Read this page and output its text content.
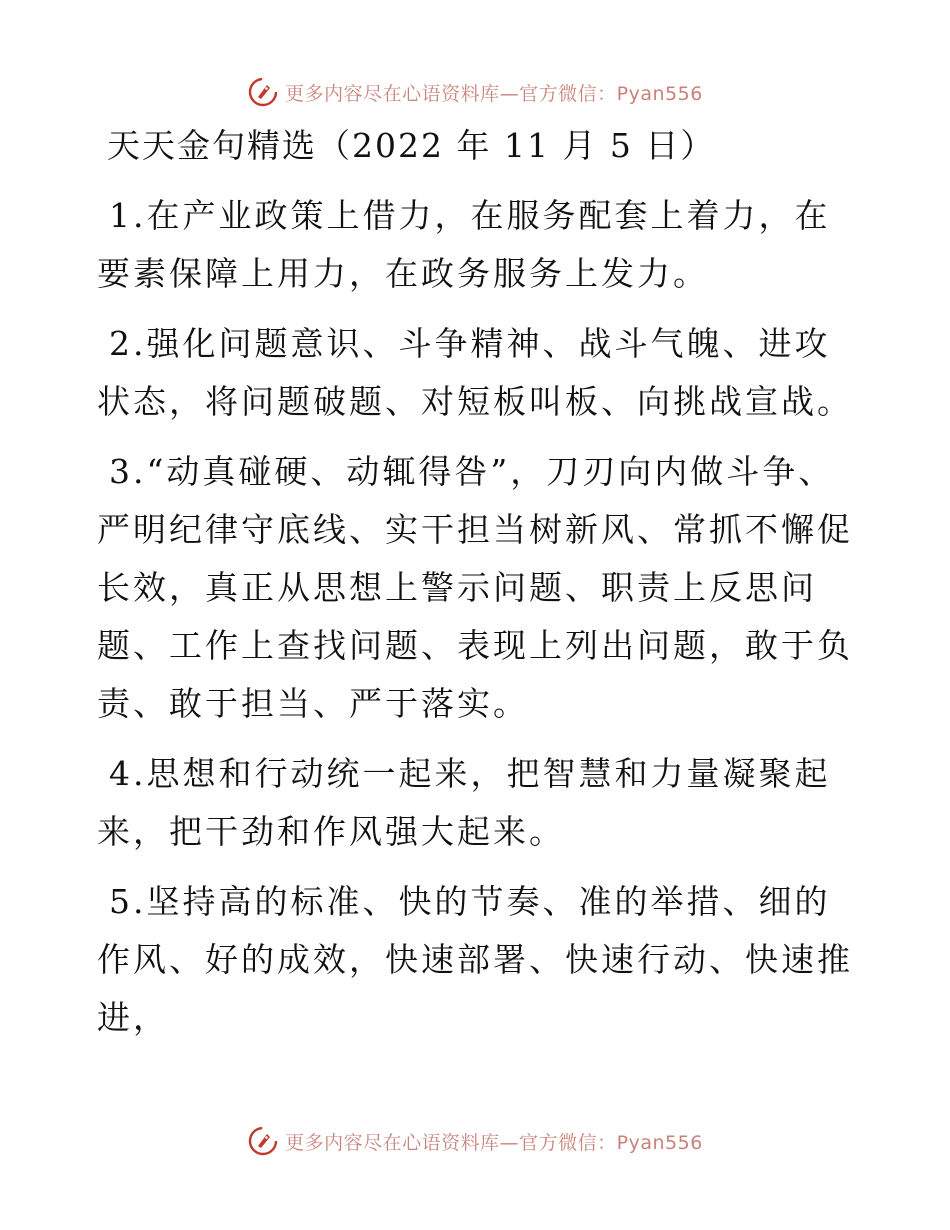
更多内容尽在心语资料库—官方微信：Pyan556
天天金句精选（2022 年 11 月 5 日）

1.在产业政策上借力，在服务配套上着力，在要素保障上用力，在政务服务上发力。

2.强化问题意识、斗争精神、战斗气魄、进攻状态，将问题破题、对短板叫板、向挑战宣战。

3.“动真碰硬、动辄得咎”，刀刃向内做斗争、严明纪律守底线、实干担当树新风、常抓不懈促长效，真正从思想上警示问题、职责上反思问题、工作上查找问题、表现上列出问题，敢于负责、敢于担当、严于落实。

4.思想和行动统一起来，把智慧和力量凝聚起来，把干劲和作风强大起来。

5.坚持高的标准、快的节奏、准的举措、细的作风、好的成效，快速部署、快速行动、快速推进，

更多内容尽在心语资料库—官方微信：Pyan556
